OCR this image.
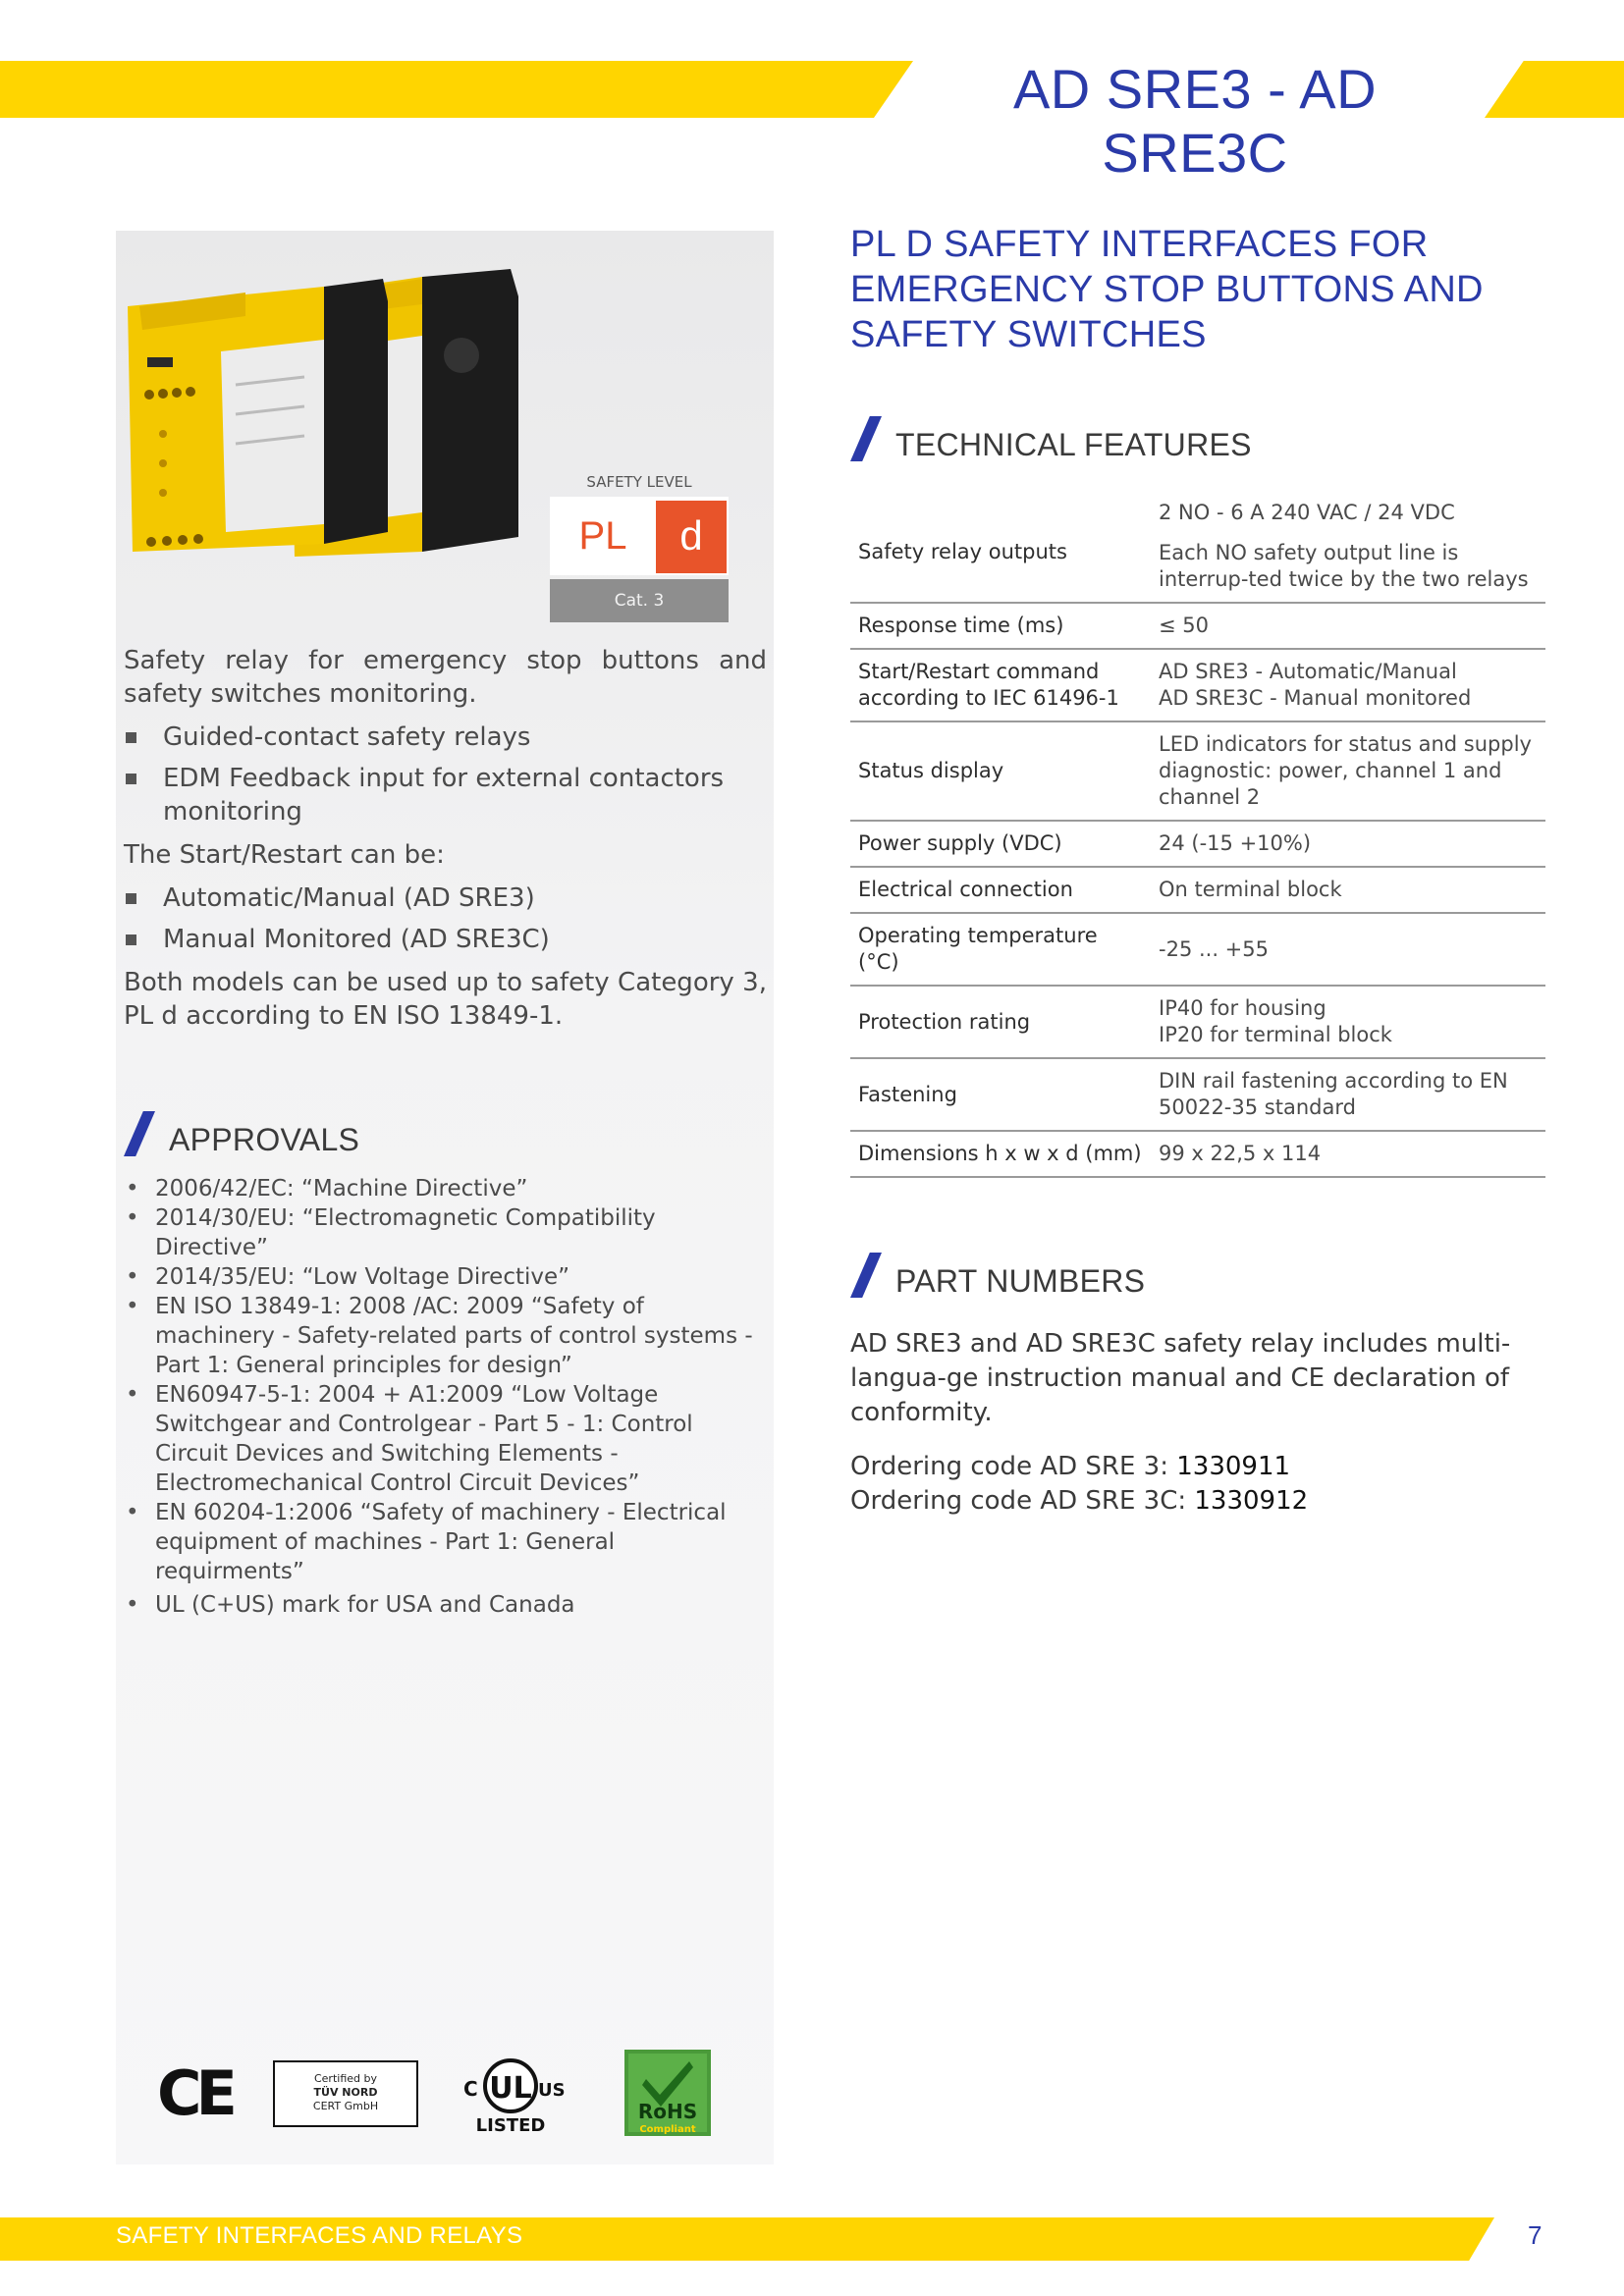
AD SRE3 - AD SRE3C
SAFETY LEVEL
PL	d
Cat. 3

Safety relay for emergency stop buttons and safety switches monitoring.

Guided-contact safety relays
EDM Feedback input for external contactors monitoring

The Start/Restart can be:

Automatic/Manual (AD SRE3)
Manual Monitored (AD SRE3C)

Both models can be used up to safety Category 3, PL d according to EN ISO 13849-1.

APPROVALS
• 2006/42/EC: “Machine Directive”
• 2014/30/EU: “Electromagnetic Compatibility Directive”
• 2014/35/EU: “Low Voltage Directive”
• EN ISO 13849-1: 2008 /AC: 2009 “Safety of machinery - Safety-related parts of control systems - Part 1: General principles for design”
• EN60947-5-1: 2004 + A1:2009 “Low Voltage Switchgear and Controlgear - Part 5 - 1: Control Circuit Devices and Switching Elements - Electromechanical Control Circuit Devices”
• EN 60204-1:2006 “Safety of machinery - Electrical equipment of machines - Part 1: General requirments”
• UL (C+US) mark for USA and Canada
CE	Certified by
TÜV NORD
CERT GmbH
UL
C	US
LISTED
RoHS
Compliant
PL D SAFETY INTERFACES FOR
EMERGENCY STOP BUTTONS AND
SAFETY SWITCHES
TECHNICAL FEATURES
Safety relay outputs	2 NO - 6 A 240 VAC / 24 VDC
Each NO safety output line is interrup-ted twice by the two relays

Response time (ms)	≤ 50
Start/Restart command according to IEC 61496-1	AD SRE3 - Automatic/Manual
AD SRE3C - Manual monitored
Status display	LED indicators for status and supply diagnostic: power, channel 1 and channel 2
Power supply (VDC)	24 (-15 +10%)
Electrical connection	On terminal block
Operating temperature (°C)	-25 ... +55
Protection rating	IP40 for housing
IP20 for terminal block
Fastening	DIN rail fastening according to EN 50022-35 standard
Dimensions h x w x d (mm)	99 x 22,5 x 114
PART NUMBERS

AD SRE3 and AD SRE3C safety relay includes multi-langua-ge instruction manual and CE declaration of conformity.

Ordering code AD SRE 3: 1330911
Ordering code AD SRE 3C: 1330912

SAFETY INTERFACES AND RELAYS	7
